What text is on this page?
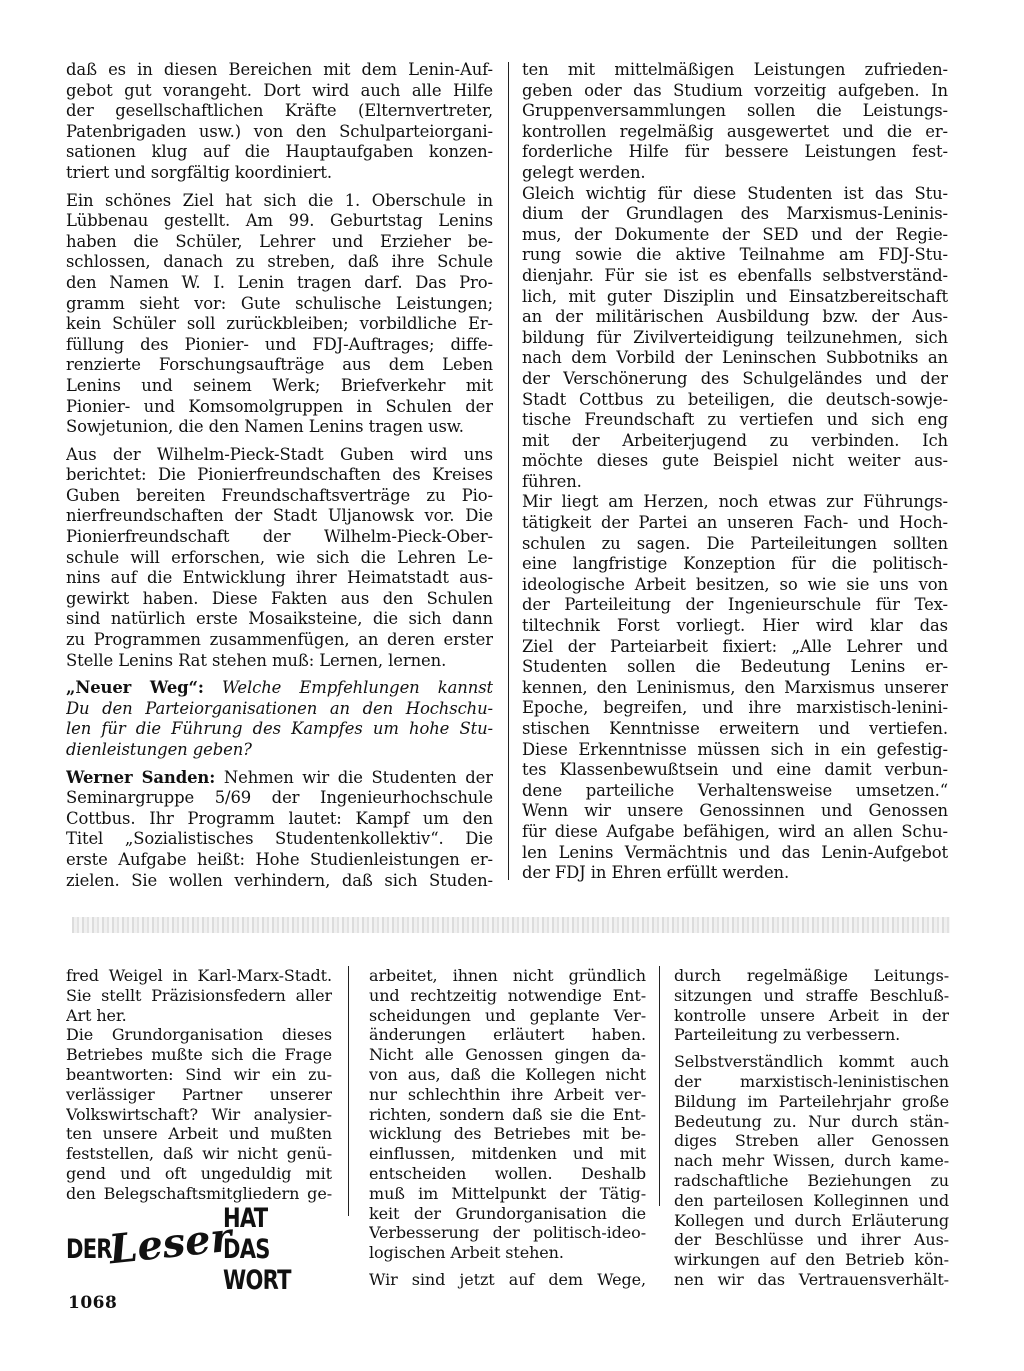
daß es in diesen Bereichen mit dem Lenin-Auf-

gebot gut vorangeht. Dort wird auch alle Hilfe

der gesellschaftlichen Kräfte (Elternvertreter,

Patenbrigaden usw.) von den Schulparteiorgani-

sationen klug auf die Hauptaufgaben konzen-

triert und sorgfältig koordiniert.

Ein schönes Ziel hat sich die 1. Oberschule in

Lübbenau gestellt. Am 99. Geburtstag Lenins

haben die Schüler, Lehrer und Erzieher be-

schlossen, danach zu streben, daß ihre Schule

den Namen W. I. Lenin tragen darf. Das Pro-

gramm sieht vor: Gute schulische Leistungen;

kein Schüler soll zurückbleiben; vorbildliche Er-

füllung des Pionier- und FDJ-Auftrages; diffe-

renzierte Forschungsaufträge aus dem Leben

Lenins und seinem Werk; Briefverkehr mit

Pionier- und Komsomolgruppen in Schulen der

Sowjetunion, die den Namen Lenins tragen usw.

Aus der Wilhelm-Pieck-Stadt Guben wird uns

berichtet: Die Pionierfreundschaften des Kreises

Guben bereiten Freundschaftsverträge zu Pio-

nierfreundschaften der Stadt Uljanowsk vor. Die

Pionierfreundschaft der Wilhelm-Pieck-Ober-

schule will erforschen, wie sich die Lehren Le-

nins auf die Entwicklung ihrer Heimatstadt aus-

gewirkt haben. Diese Fakten aus den Schulen

sind natürlich erste Mosaiksteine, die sich dann

zu Programmen zusammenfügen, an deren erster

Stelle Lenins Rat stehen muß: Lernen, lernen.

„Neuer Weg“: Welche Empfehlungen kannst

Du den Parteiorganisationen an den Hochschu-

len für die Führung des Kampfes um hohe Stu-

dienleistungen geben?

Werner Sanden: Nehmen wir die Studenten der

Seminargruppe 5/69 der Ingenieurhochschule

Cottbus. Ihr Programm lautet: Kampf um den

Titel „Sozialistisches Studentenkollektiv“. Die

erste Aufgabe heißt: Hohe Studienleistungen er-

zielen. Sie wollen verhindern, daß sich Studen-

ten mit mittelmäßigen Leistungen zufrieden-

geben oder das Studium vorzeitig aufgeben. In

Gruppenversammlungen sollen die Leistungs-

kontrollen regelmäßig ausgewertet und die er-

forderliche Hilfe für bessere Leistungen fest-

gelegt werden.

Gleich wichtig für diese Studenten ist das Stu-

dium der Grundlagen des Marxismus-Leninis-

mus, der Dokumente der SED und der Regie-

rung sowie die aktive Teilnahme am FDJ-Stu-

dienjahr. Für sie ist es ebenfalls selbstverständ-

lich, mit guter Disziplin und Einsatzbereitschaft

an der militärischen Ausbildung bzw. der Aus-

bildung für Zivilverteidigung teilzunehmen, sich

nach dem Vorbild der Leninschen Subbotniks an

der Verschönerung des Schulgeländes und der

Stadt Cottbus zu beteiligen, die deutsch-sowje-

tische Freundschaft zu vertiefen und sich eng

mit der Arbeiterjugend zu verbinden. Ich

möchte dieses gute Beispiel nicht weiter aus-

führen.

Mir liegt am Herzen, noch etwas zur Führungs-

tätigkeit der Partei an unseren Fach- und Hoch-

schulen zu sagen. Die Parteileitungen sollten

eine langfristige Konzeption für die politisch-

ideologische Arbeit besitzen, so wie sie uns von

der Parteileitung der Ingenieurschule für Tex-

tiltechnik Forst vorliegt. Hier wird klar das

Ziel der Parteiarbeit fixiert: „Alle Lehrer und

Studenten sollen die Bedeutung Lenins er-

kennen, den Leninismus, den Marxismus unserer

Epoche, begreifen, und ihre marxistisch-lenini-

stischen Kenntnisse erweitern und vertiefen.

Diese Erkenntnisse müssen sich in ein gefestig-

tes Klassenbewußtsein und eine damit verbun-

dene parteiliche Verhaltensweise umsetzen.“

Wenn wir unsere Genossinnen und Genossen

für diese Aufgabe befähigen, wird an allen Schu-

len Lenins Vermächtnis und das Lenin-Aufgebot

der FDJ in Ehren erfüllt werden.

fred Weigel in Karl-Marx-Stadt.

Sie stellt Präzisionsfedern aller

Art her.

Die Grundorganisation dieses

Betriebes mußte sich die Frage

beantworten: Sind wir ein zu-

verlässiger Partner unserer

Volkswirtschaft? Wir analysier-

ten unsere Arbeit und mußten

feststellen, daß wir nicht genü-

gend und oft ungeduldig mit

den Belegschaftsmitgliedern ge-

arbeitet, ihnen nicht gründlich

und rechtzeitig notwendige Ent-

scheidungen und geplante Ver-

änderungen erläutert haben.

Nicht alle Genossen gingen da-

von aus, daß die Kollegen nicht

nur schlechthin ihre Arbeit ver-

richten, sondern daß sie die Ent-

wicklung des Betriebes mit be-

einflussen, mitdenken und mit

entscheiden wollen. Deshalb

muß im Mittelpunkt der Tätig-

keit der Grundorganisation die

Verbesserung der politisch-ideo-

logischen Arbeit stehen.

Wir sind jetzt auf dem Wege,

durch regelmäßige Leitungs-

sitzungen und straffe Beschluß-

kontrolle unsere Arbeit in der

Parteileitung zu verbessern.

Selbstverständlich kommt auch

der marxistisch-leninistischen

Bildung im Parteilehrjahr große

Bedeutung zu. Nur durch stän-

diges Streben aller Genossen

nach mehr Wissen, durch kame-

radschaftliche Beziehungen zu

den parteilosen Kolleginnen und

Kollegen und durch Erläuterung

der Beschlüsse und ihrer Aus-

wirkungen auf den Betrieb kön-

nen wir das Vertrauensverhält-

DER
Leser
HAT DAS WORT
1068
